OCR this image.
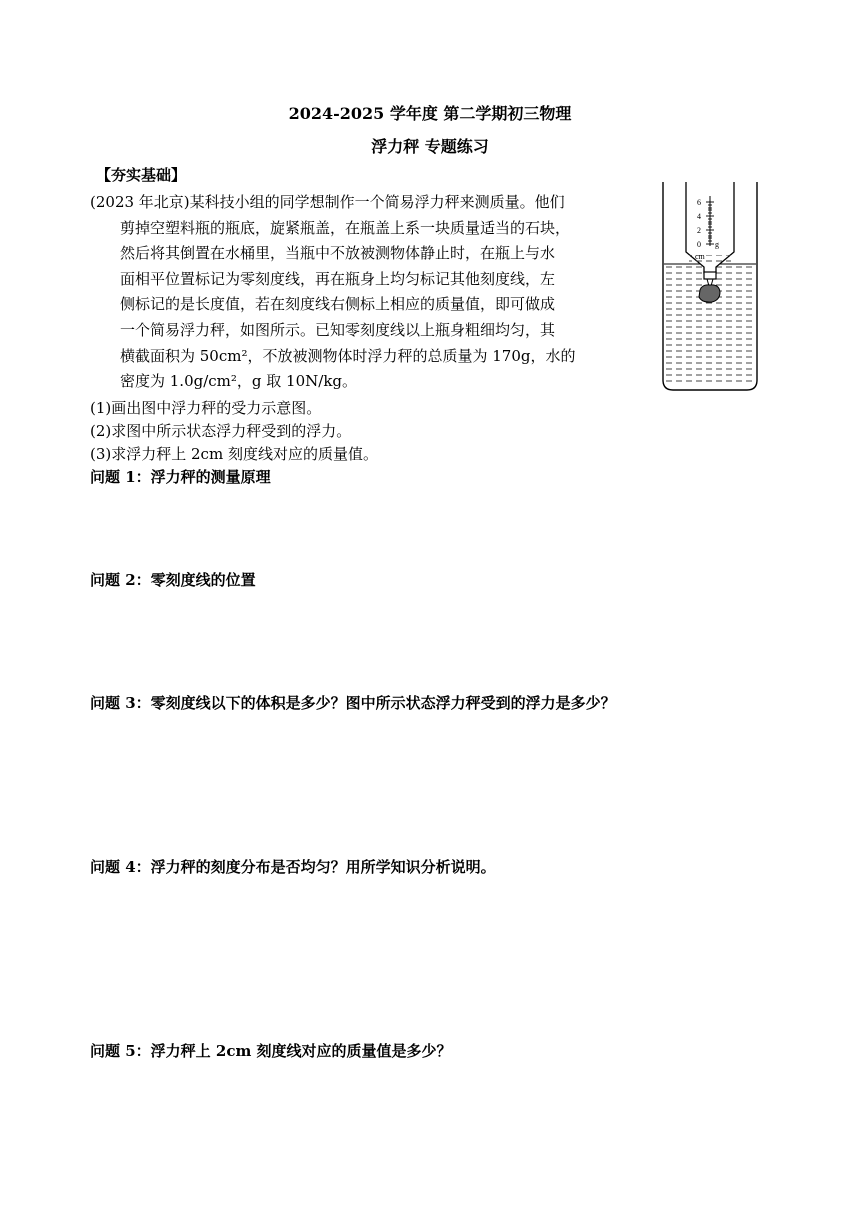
2024-2025 学年度 第二学期初三物理
浮力秤 专题练习
【夯实基础】
(2023 年北京)某科技小组的同学想制作一个简易浮力秤来测质量。他们
剪掉空塑料瓶的瓶底，旋紧瓶盖，在瓶盖上系一块质量适当的石块，
然后将其倒置在水桶里，当瓶中不放被测物体静止时，在瓶上与水
面相平位置标记为零刻度线，再在瓶身上均匀标记其他刻度线，左
侧标记的是长度值，若在刻度线右侧标上相应的质量值，即可做成
一个简易浮力秤，如图所示。已知零刻度线以上瓶身粗细均匀，其
横截面积为 50cm²，不放被测物体时浮力秤的总质量为 170g，水的
密度为 1.0g/cm²，g 取 10N/kg。
(1)画出图中浮力秤的受力示意图。
(2)求图中所示状态浮力秤受到的浮力。
(3)求浮力秤上 2cm 刻度线对应的质量值。
问题 1：浮力秤的测量原理
问题 2：零刻度线的位置
问题 3：零刻度线以下的体积是多少？图中所示状态浮力秤受到的浮力是多少？
问题 4：浮力秤的刻度分布是否均匀？用所学知识分析说明。
问题 5：浮力秤上 2cm 刻度线对应的质量值是多少？
6
4
2
0 g
cm
